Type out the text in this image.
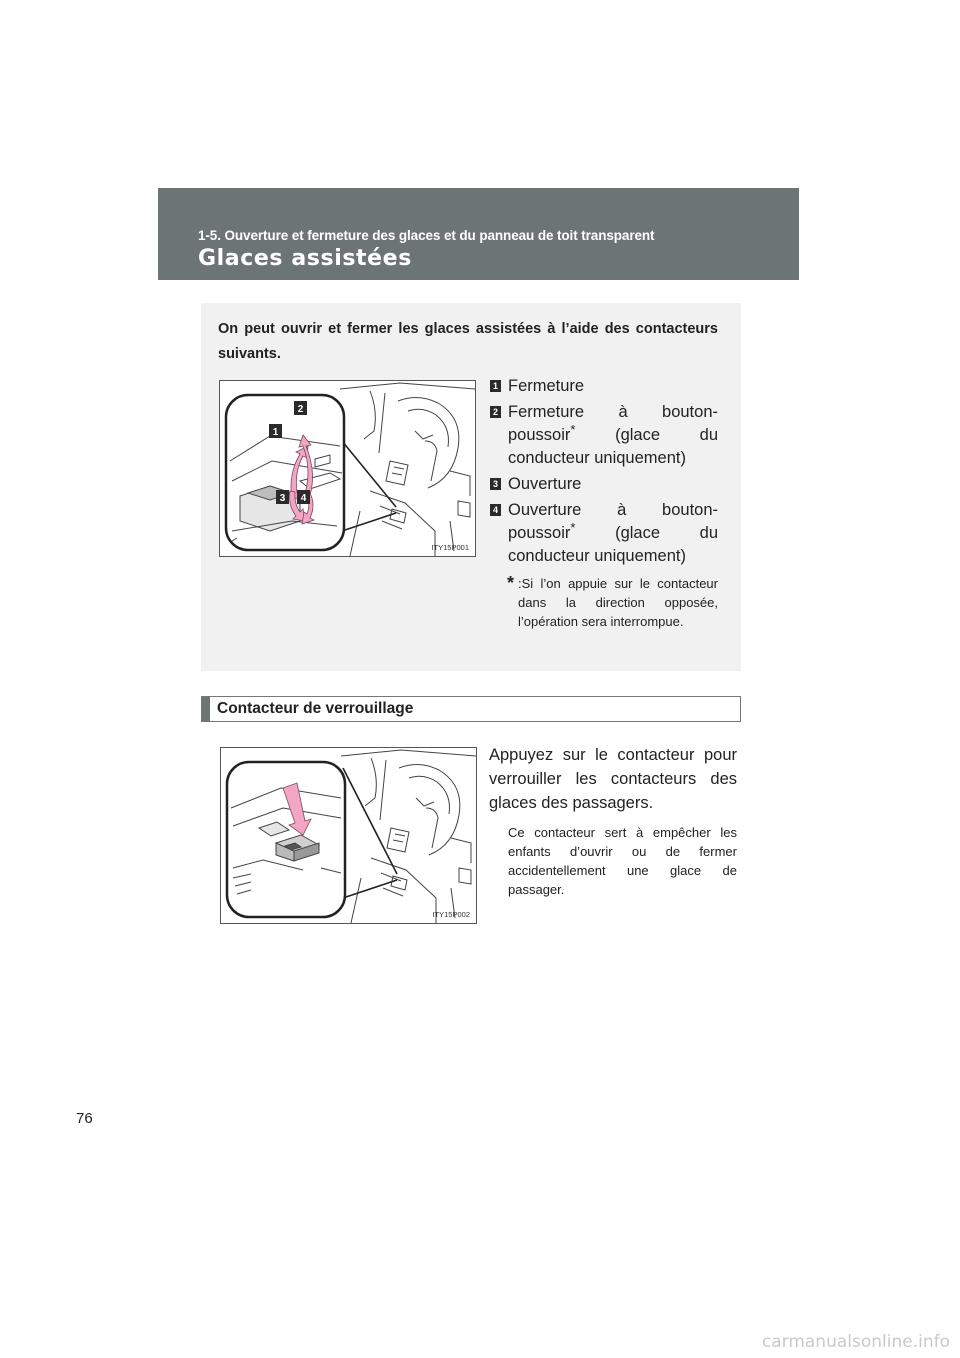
1-5. Ouverture et fermeture des glaces et du panneau de toit transparent
Glaces assistées
On peut ouvrir et fermer les glaces assistées à l’aide des contacteurs suivants.
1
2
3 4
ITY15P001
1 Fermeture
2 Fermeture à bouton-poussoir* (glace du conducteur uniquement)
3 Ouverture
4 Ouverture à bouton-poussoir* (glace du conducteur uniquement)
* :Si l’on appuie sur le contacteur dans la direction opposée, l’opération sera interrompue.
Contacteur de verrouillage
ITY15P002
Appuyez sur le contacteur pour verrouiller les contacteurs des glaces des passagers.
Ce contacteur sert à empêcher les enfants d’ouvrir ou de fermer accidentellement une glace de passager.
76
carmanualsonline.info
